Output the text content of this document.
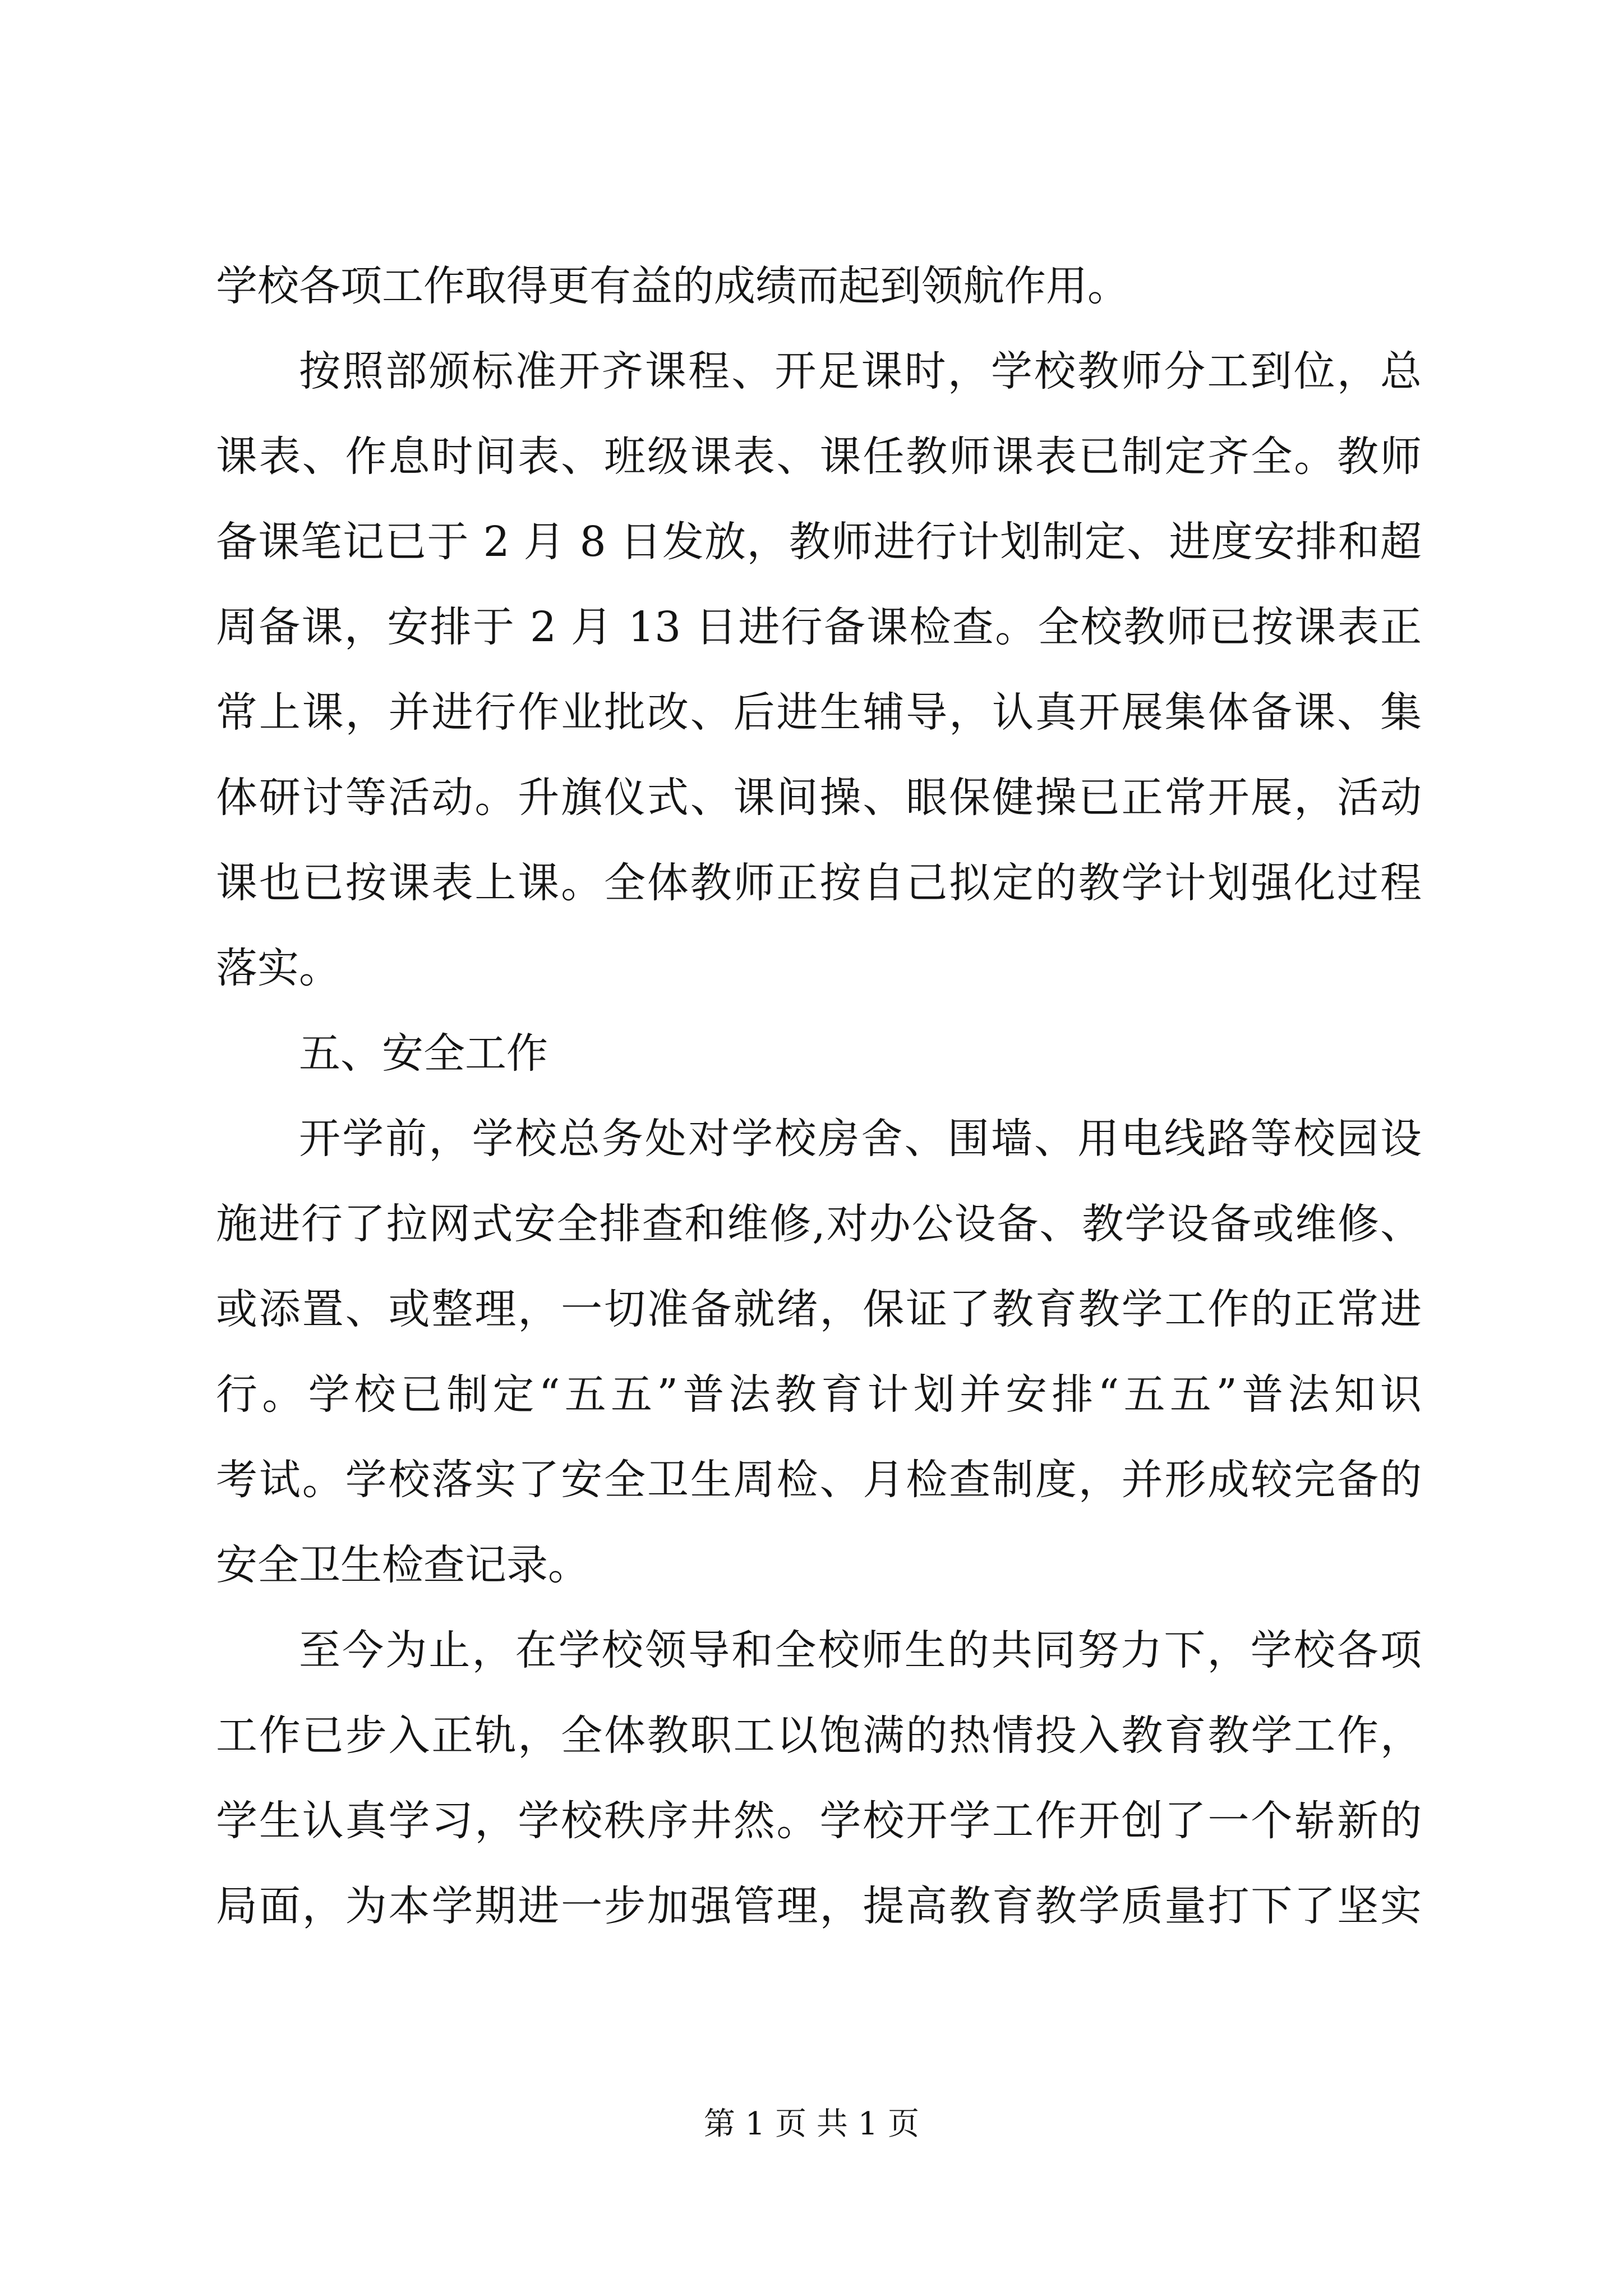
学校各项工作取得更有益的成绩而起到领航作用。
按照部颁标准开齐课程、开足课时，学校教师分工到位，总
课表、作息时间表、班级课表、课任教师课表已制定齐全。教师
备课笔记已于 2 月 8 日发放，教师进行计划制定、进度安排和超
周备课，安排于 2 月 13 日进行备课检查。全校教师已按课表正
常上课，并进行作业批改、后进生辅导，认真开展集体备课、集
体研讨等活动。升旗仪式、课间操、眼保健操已正常开展，活动
课也已按课表上课。全体教师正按自己拟定的教学计划强化过程
落实。
五、安全工作
开学前，学校总务处对学校房舍、围墙、用电线路等校园设
施进行了拉网式安全排查和维修,对办公设备、教学设备或维修、
或添置、或整理，一切准备就绪，保证了教育教学工作的正常进
行。学校已制定“五五”普法教育计划并安排“五五”普法知识
考试。学校落实了安全卫生周检、月检查制度，并形成较完备的
安全卫生检查记录。
至今为止，在学校领导和全校师生的共同努力下，学校各项
工作已步入正轨，全体教职工以饱满的热情投入教育教学工作，
学生认真学习，学校秩序井然。学校开学工作开创了一个崭新的
局面，为本学期进一步加强管理，提高教育教学质量打下了坚实
第 1 页 共 1 页
